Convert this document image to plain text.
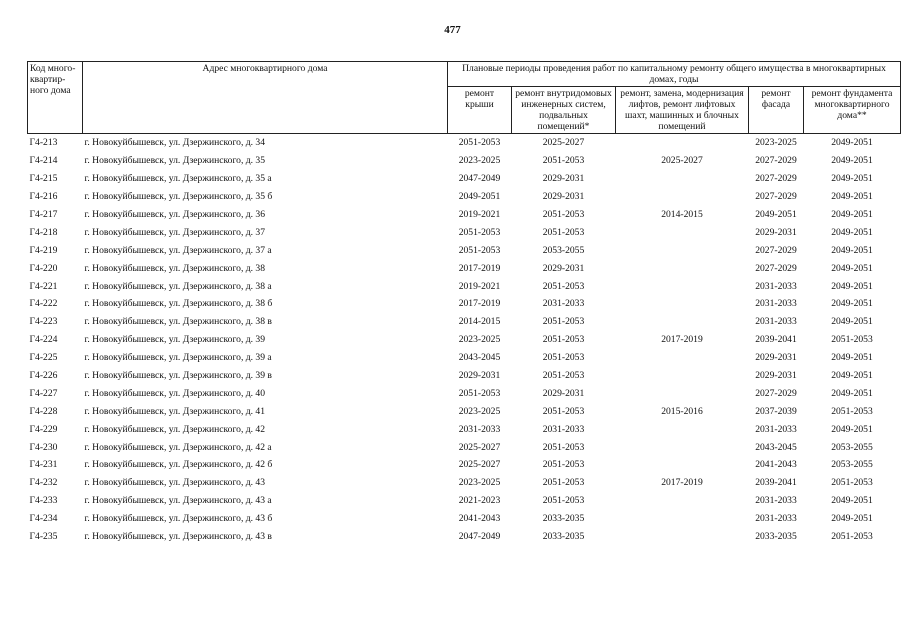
477
Код много-квартир-ного дома	Адрес многоквартирного дома	Плановые периоды проведения работ по капитальному ремонту общего имущества в многоквартирных домах, годы				
		ремонт крыши	ремонт внутридомовых инженерных систем, подвальных помещений*	ремонт, замена, модернизация лифтов, ремонт лифтовых шахт, машинных и блочных помещений	ремонт фасада	ремонт фундамента многоквартирного дома**
Г4-213	г. Новокуйбышевск, ул. Дзержинского, д. 34	2051-2053	2025-2027		2023-2025	2049-2051
Г4-214	г. Новокуйбышевск, ул. Дзержинского, д. 35	2023-2025	2051-2053	2025-2027	2027-2029	2049-2051
Г4-215	г. Новокуйбышевск, ул. Дзержинского, д. 35 а	2047-2049	2029-2031		2027-2029	2049-2051
Г4-216	г. Новокуйбышевск, ул. Дзержинского, д. 35 б	2049-2051	2029-2031		2027-2029	2049-2051
Г4-217	г. Новокуйбышевск, ул. Дзержинского, д. 36	2019-2021	2051-2053	2014-2015	2049-2051	2049-2051
Г4-218	г. Новокуйбышевск, ул. Дзержинского, д. 37	2051-2053	2051-2053		2029-2031	2049-2051
Г4-219	г. Новокуйбышевск, ул. Дзержинского, д. 37 а	2051-2053	2053-2055		2027-2029	2049-2051
Г4-220	г. Новокуйбышевск, ул. Дзержинского, д. 38	2017-2019	2029-2031		2027-2029	2049-2051
Г4-221	г. Новокуйбышевск, ул. Дзержинского, д. 38 а	2019-2021	2051-2053		2031-2033	2049-2051
Г4-222	г. Новокуйбышевск, ул. Дзержинского, д. 38 б	2017-2019	2031-2033		2031-2033	2049-2051
Г4-223	г. Новокуйбышевск, ул. Дзержинского, д. 38 в	2014-2015	2051-2053		2031-2033	2049-2051
Г4-224	г. Новокуйбышевск, ул. Дзержинского, д. 39	2023-2025	2051-2053	2017-2019	2039-2041	2051-2053
Г4-225	г. Новокуйбышевск, ул. Дзержинского, д. 39 а	2043-2045	2051-2053		2029-2031	2049-2051
Г4-226	г. Новокуйбышевск, ул. Дзержинского, д. 39 в	2029-2031	2051-2053		2029-2031	2049-2051
Г4-227	г. Новокуйбышевск, ул. Дзержинского, д. 40	2051-2053	2029-2031		2027-2029	2049-2051
Г4-228	г. Новокуйбышевск, ул. Дзержинского, д. 41	2023-2025	2051-2053	2015-2016	2037-2039	2051-2053
Г4-229	г. Новокуйбышевск, ул. Дзержинского, д. 42	2031-2033	2031-2033		2031-2033	2049-2051
Г4-230	г. Новокуйбышевск, ул. Дзержинского, д. 42 а	2025-2027	2051-2053		2043-2045	2053-2055
Г4-231	г. Новокуйбышевск, ул. Дзержинского, д. 42 б	2025-2027	2051-2053		2041-2043	2053-2055
Г4-232	г. Новокуйбышевск, ул. Дзержинского, д. 43	2023-2025	2051-2053	2017-2019	2039-2041	2051-2053
Г4-233	г. Новокуйбышевск, ул. Дзержинского, д. 43 а	2021-2023	2051-2053		2031-2033	2049-2051
Г4-234	г. Новокуйбышевск, ул. Дзержинского, д. 43 б	2041-2043	2033-2035		2031-2033	2049-2051
Г4-235	г. Новокуйбышевск, ул. Дзержинского, д. 43 в	2047-2049	2033-2035		2033-2035	2051-2053
